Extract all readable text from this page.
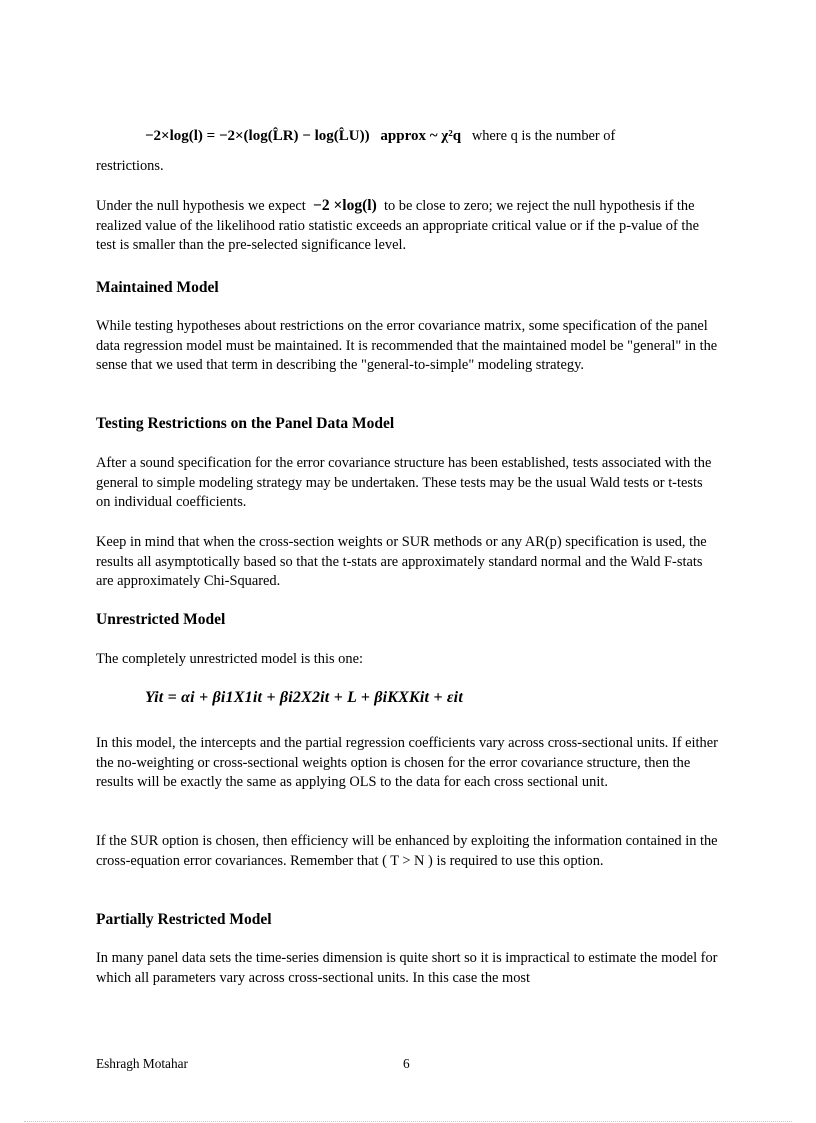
−2×log(l) = −2×(log(L̂R) − log(L̂U)) approx ~ χ²q where q is the number of

restrictions.

Under the null hypothesis we expect −2 ×log(l) to be close to zero; we reject the null hypothesis if the realized value of the likelihood ratio statistic exceeds an appropriate critical value or if the p-value of the test is smaller than the pre-selected significance level.

Maintained Model

While testing hypotheses about restrictions on the error covariance matrix, some specification of the panel data regression model must be maintained. It is recommended that the maintained model be "general" in the sense that we used that term in describing the "general-to-simple" modeling strategy.

Testing Restrictions on the Panel Data Model

After a sound specification for the error covariance structure has been established, tests associated with the general to simple modeling strategy may be undertaken. These tests may be the usual Wald tests or t-tests on individual coefficients.

Keep in mind that when the cross-section weights or SUR methods or any AR(p) specification is used, the results all asymptotically based so that the t-stats are approximately standard normal and the Wald F-stats are approximately Chi-Squared.

Unrestricted Model

The completely unrestricted model is this one:

Yit = αi + βi1X1it + βi2X2it + L + βiKXKit + εit

In this model, the intercepts and the partial regression coefficients vary across cross-sectional units. If either the no-weighting or cross-sectional weights option is chosen for the error covariance structure, then the results will be exactly the same as applying OLS to the data for each cross sectional unit.

If the SUR option is chosen, then efficiency will be enhanced by exploiting the information contained in the cross-equation error covariances. Remember that ( T > N ) is required to use this option.

Partially Restricted Model

In many panel data sets the time-series dimension is quite short so it is impractical to estimate the model for which all parameters vary across cross-sectional units. In this case the most

Eshragh Motahar	6
